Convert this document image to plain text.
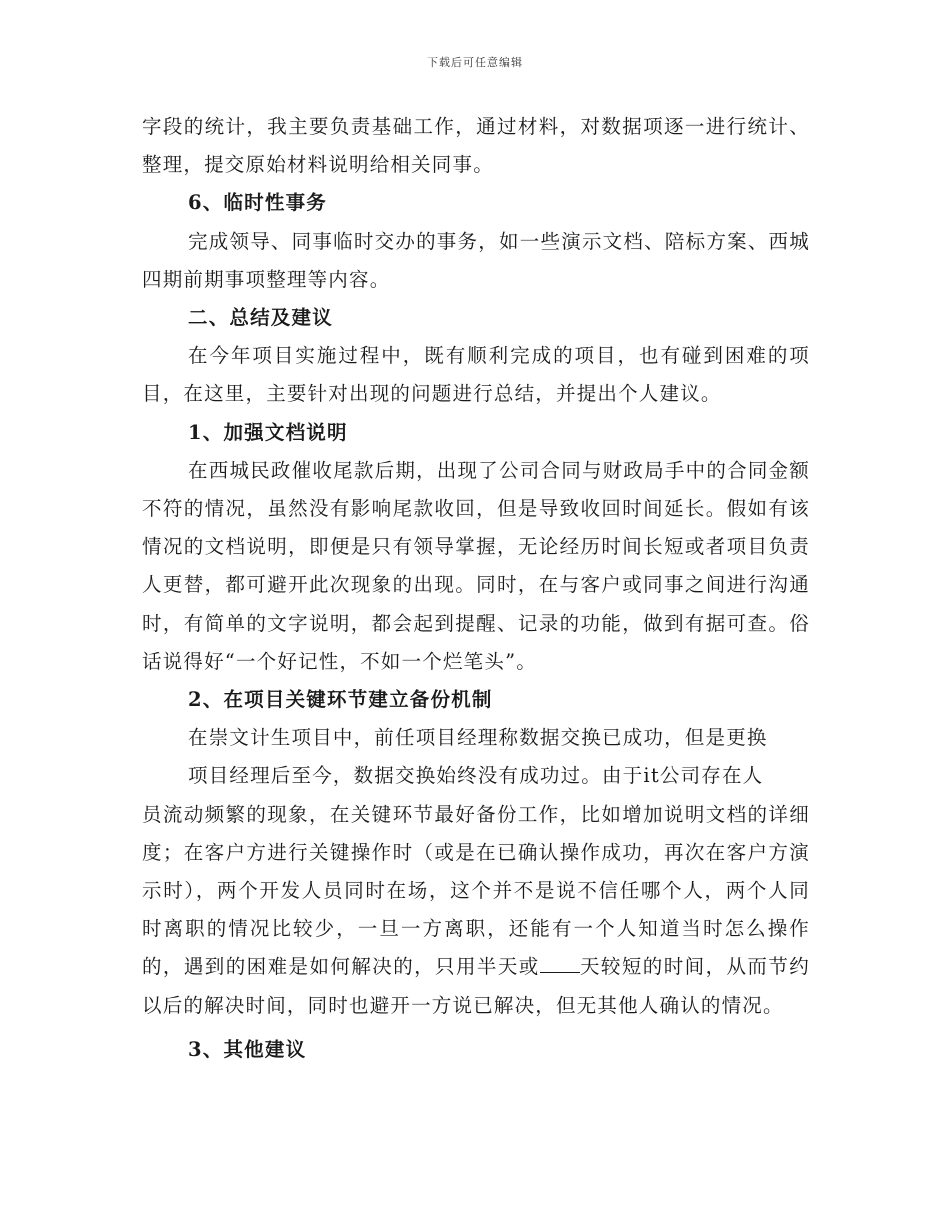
下载后可任意编辑

字段的统计，我主要负责基础工作，通过材料，对数据项逐一进行统计、整理，提交原始材料说明给相关同事。

6、临时性事务

完成领导、同事临时交办的事务，如一些演示文档、陪标方案、西城四期前期事项整理等内容。

二、总结及建议

在今年项目实施过程中，既有顺利完成的项目，也有碰到困难的项目，在这里，主要针对出现的问题进行总结，并提出个人建议。

1、加强文档说明

在西城民政催收尾款后期，出现了公司合同与财政局手中的合同金额不符的情况，虽然没有影响尾款收回，但是导致收回时间延长。假如有该情况的文档说明，即便是只有领导掌握，无论经历时间长短或者项目负责人更替，都可避开此次现象的出现。同时，在与客户或同事之间进行沟通时，有简单的文字说明，都会起到提醒、记录的功能，做到有据可查。俗话说得好“一个好记性，不如一个烂笔头”。

2、在项目关键环节建立备份机制

在崇文计生项目中，前任项目经理称数据交换已成功，但是更换

项目经理后至今，数据交换始终没有成功过。由于it公司存在人
员流动频繁的现象，在关键环节最好备份工作，比如增加说明文档的详细度；在客户方进行关键操作时（或是在已确认操作成功，再次在客户方演示时），两个开发人员同时在场，这个并不是说不信任哪个人，两个人同时离职的情况比较少，一旦一方离职，还能有一个人知道当时怎么操作的，遇到的困难是如何解决的，只用半天或 天较短的时间，从而节约以后的解决时间，同时也避开一方说已解决，但无其他人确认的情况。

3、其他建议
